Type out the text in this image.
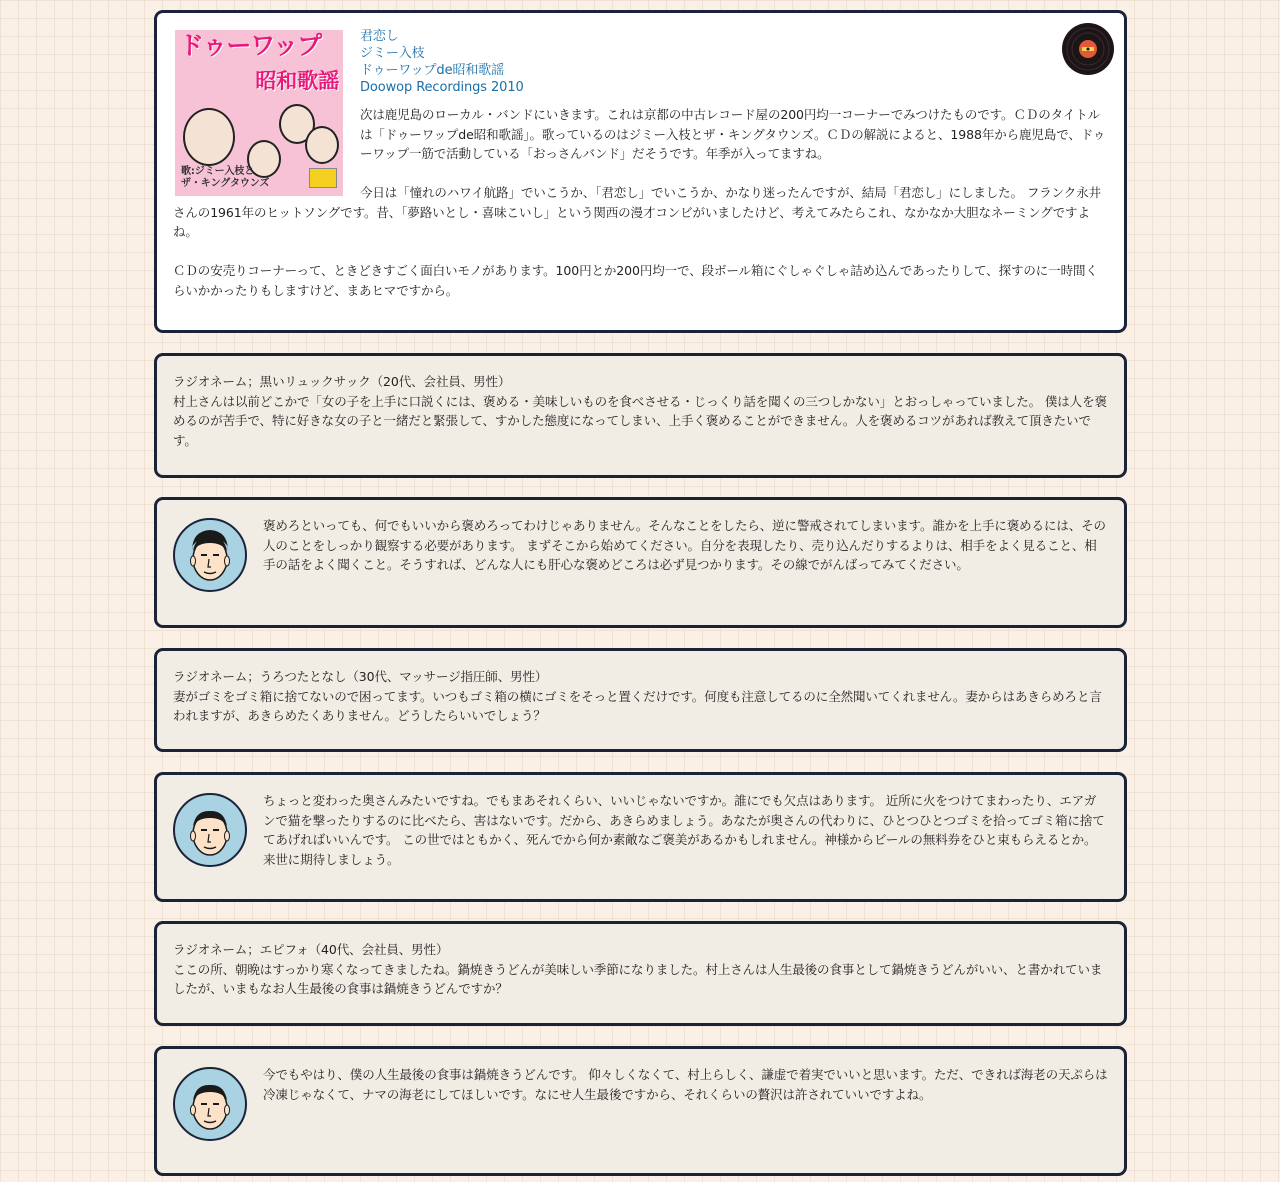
ドゥーワップ
昭和歌謡
歌:ジミー入枝と
ザ・キングタウンズ
君恋し
ジミー入枝
ドゥーワップde昭和歌謡
Doowop Recordings 2010

次は鹿児島のローカル・バンドにいきます。これは京都の中古レコード屋の200円均一コーナーでみつけたものです。ＣＤのタイトルは「ドゥーワップde昭和歌謡」。歌っているのはジミー入枝とザ・キングタウンズ。ＣＤの解説によると、1988年から鹿児島で、ドゥーワップ一筋で活動している「おっさんバンド」だそうです。年季が入ってますね。

今日は「憧れのハワイ航路」でいこうか、「君恋し」でいこうか、かなり迷ったんですが、結局「君恋し」にしました。 フランク永井さんの1961年のヒットソングです。昔、「夢路いとし・喜味こいし」という関西の漫才コンビがいましたけど、考えてみたらこれ、なかなか大胆なネーミングですよね。

ＣＤの安売りコーナーって、ときどきすごく面白いモノがあります。100円とか200円均一で、段ボール箱にぐしゃぐしゃ詰め込んであったりして、探すのに一時間くらいかかったりもしますけど、まあヒマですから。

ラジオネーム；黒いリュックサック（20代、会社員、男性）

村上さんは以前どこかで「女の子を上手に口説くには、褒める・美味しいものを食べさせる・じっくり話を聞くの三つしかない」とおっしゃっていました。 僕は人を褒めるのが苦手で、特に好きな女の子と一緒だと緊張して、すかした態度になってしまい、上手く褒めることができません。人を褒めるコツがあれば教えて頂きたいです。

褒めろといっても、何でもいいから褒めろってわけじゃありません。そんなことをしたら、逆に警戒されてしまいます。誰かを上手に褒めるには、その人のことをしっかり観察する必要があります。 まずそこから始めてください。自分を表現したり、売り込んだりするよりは、相手をよく見ること、相手の話をよく聞くこと。そうすれば、どんな人にも肝心な褒めどころは必ず見つかります。その線でがんばってみてください。

ラジオネーム；うろつたとなし（30代、マッサージ指圧師、男性）

妻がゴミをゴミ箱に捨てないので困ってます。いつもゴミ箱の横にゴミをそっと置くだけです。何度も注意してるのに全然聞いてくれません。妻からはあきらめろと言われますが、あきらめたくありません。どうしたらいいでしょう？

ちょっと変わった奥さんみたいですね。でもまあそれくらい、いいじゃないですか。誰にでも欠点はあります。 近所に火をつけてまわったり、エアガンで猫を撃ったりするのに比べたら、害はないです。だから、あきらめましょう。あなたが奥さんの代わりに、ひとつひとつゴミを拾ってゴミ箱に捨ててあげればいいんです。 この世ではともかく、死んでから何か素敵なご褒美があるかもしれません。神様からビールの無料券をひと束もらえるとか。来世に期待しましょう。

ラジオネーム；エピフォ（40代、会社員、男性）

ここの所、朝晩はすっかり寒くなってきましたね。鍋焼きうどんが美味しい季節になりました。村上さんは人生最後の食事として鍋焼きうどんがいい、と書かれていましたが、いまもなお人生最後の食事は鍋焼きうどんですか？

今でもやはり、僕の人生最後の食事は鍋焼きうどんです。 仰々しくなくて、村上らしく、謙虚で着実でいいと思います。ただ、できれば海老の天ぷらは冷凍じゃなくて、ナマの海老にしてほしいです。なにせ人生最後ですから、それくらいの贅沢は許されていいですよね。
